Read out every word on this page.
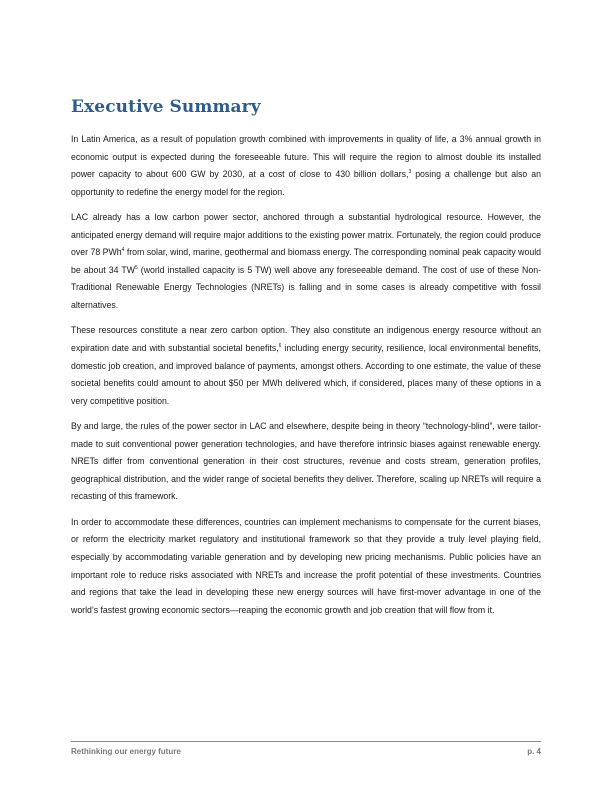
Executive Summary

In Latin America, as a result of population growth combined with improvements in quality of life, a 3% annual growth in economic output is expected during the foreseeable future. This will require the region to almost double its installed power capacity to about 600 GW by 2030, at a cost of close to 430 billion dollars,$^3$ posing a challenge but also an opportunity to redefine the energy model for the region.

LAC already has a low carbon power sector, anchored through a substantial hydrological resource. However, the anticipated energy demand will require major additions to the existing power matrix. Fortunately, the region could produce over 78 PWh$^4$ from solar, wind, marine, geothermal and biomass energy. The corresponding nominal peak capacity would be about 34 $TW^5$ (world installed capacity is 5 TW) well above any foreseeable demand. The cost of use of these Non-Traditional Renewable Energy Technologies (NRETs) is falling and in some cases is already competitive with fossil alternatives.

These resources constitute a near zero carbon option. They also constitute an indigenous energy resource without an expiration date and with substantial societal benefits,$^6$ including energy security, resilience, local environmental benefits, domestic job creation, and improved balance of payments, amongst others. According to one estimate, the value of these societal benefits could amount to about $50 per MWh delivered which, if considered, places many of these options in a very competitive position.

By and large, the rules of the power sector in LAC and elsewhere, despite being in theory “technology-blind”, were tailor-made to suit conventional power generation technologies, and have therefore intrinsic biases against renewable energy. NRETs differ from conventional generation in their cost structures, revenue and costs stream, generation profiles, geographical distribution, and the wider range of societal benefits they deliver. Therefore, scaling up NRETs will require a recasting of this framework.

In order to accommodate these differences, countries can implement mechanisms to compensate for the current biases, or reform the electricity market regulatory and institutional framework so that they provide a truly level playing field, especially by accommodating variable generation and by developing new pricing mechanisms. Public policies have an important role to reduce risks associated with NRETs and increase the profit potential of these investments. Countries and regions that take the lead in developing these new energy sources will have first-mover advantage in one of the world’s fastest growing economic sectors—reaping the economic growth and job creation that will flow from it.

Rethinking our energy future	p. 4
